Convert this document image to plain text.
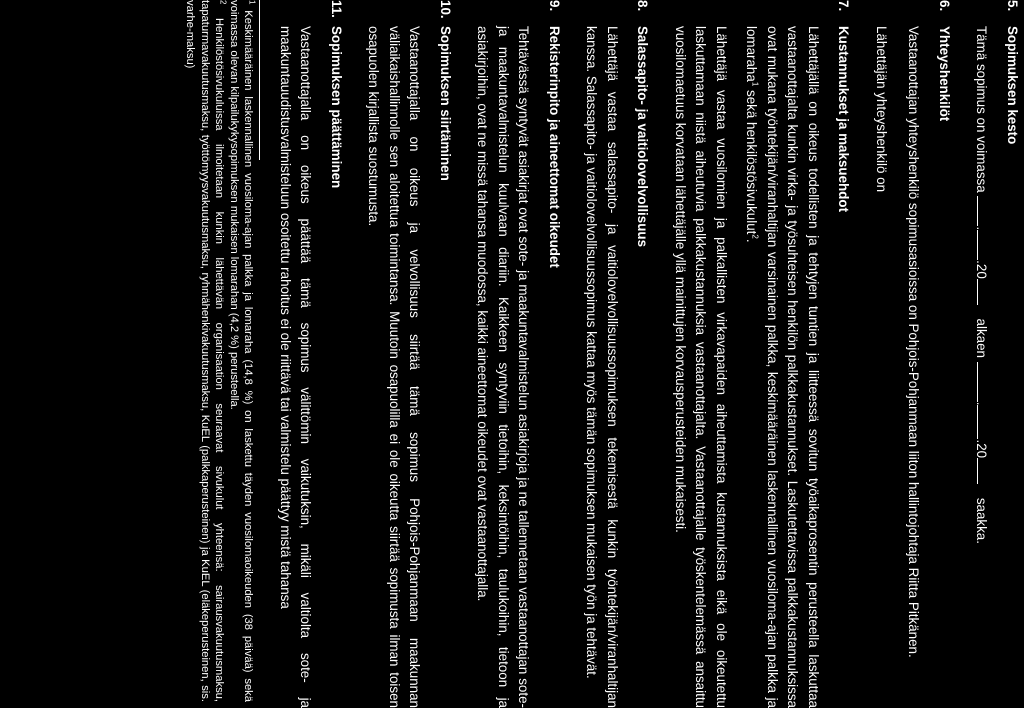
5.Sopimuksen kesto
Tämä sopimus on voimassa ..20 alkaen ..20 saakka.
6.Yhteyshenkilöt
Vastaanottajan yhteyshenkilö sopimusasioissa on Pohjois-Pohjanmaan liiton hallintojohtaja Riitta Pitkänen.
Lähettäjän yhteyshenkilö on
7.Kustannukset ja maksuehdot
Lähettäjällä on oikeus todellisten ja tehtyjen tuntien ja liitteessä sovitun työaikaprosentin perusteella laskuttaa vastaanottajalta kunkin virka- ja työsuhteisen henkilön palkkakustannukset. Laskutettavissa palkkakustannuksissa ovat mukana työntekijän/viranhaltijan varsinainen palkka, keskimääräinen laskennallinen vuosiloma-ajan palkka ja lomaraha$^1$ sekä henkilöstösivukulut$^2$.
Lähettäjä vastaa vuosilomien ja palkallisten virkavapaiden aiheuttamista kustannuksista eikä ole oikeutettu laskuttamaan niistä aiheutuvia palkkakustannuksia vastaanottajalta. Vastaanottajalle työskentelemässä ansaittu vuosilomaetuus korvataan lähettäjälle yllä mainittujen korvausperusteiden mukaisesti.
8.Salassapito- ja vaitiolovelvollisuus
Lähettäjä vastaa salassapito- ja vaitiolovelvollisuussopimuksen tekemisestä kunkin työntekijän/viranhaltijan kanssa. Salassapito- ja vaitiolovelvollisuussopimus kattaa myös tämän sopimuksen mukaisen työn ja tehtävät.
9.Rekisterinpito ja aineettomat oikeudet
Tehtävässä syntyvät asiakirjat ovat sote- ja maakuntavalmistelun asiakirjoja ja ne tallennetaan vastaanottajan sote- ja maakuntavalmistelun kuulvaan diariin. Kaikkeen syntyviin tietoihin, keksintöihin, taulukoihin, tietoon ja asiakirjoihin, ovat ne missä tahansa muodossa, kaikki aineettomat oikeudet ovat vastaanottajalla.
10.Sopimuksen siirtäminen
Vastaanottajalla on oikeus ja velvollisuus siirtää tämä sopimus Pohjois-Pohjanmaan maakunnan väliaikaishallinnolle sen aloitettua toimintansa. Muutoin osapuolilla ei ole oikeutta siirtää sopimusta ilman toisen osapuolen kirjallista suostumusta.
11.Sopimuksen päättäminen
Vastaanottajalla on oikeus päättää tämä sopimus välittömin vaikutuksin, mikäli valtiolta sote- ja maakuntauudistusvalmisteluun osoitettu rahoitus ei ole riittävä tai valmistelu päättyy mistä tahansa
$^1$ Keskimääräinen laskennallinen vuosiloma-ajan palkka ja lomaraha (14,8 %) on laskettu täyden vuosilomaoikeuden (38 päivää) sekä voimassa olevan kilpailukykysopimuksen mukaisen lomarahan (4,2 %) perusteella.
$^2$ Henkilöstösivukuluissa ilmoitetaan kunkin lähettävän organisaation seuraavat sivukulut yhteensä: sairausvakuutusmaksu, tapaturmavakuutusmaksu, työttömyysvakuutusmaksu, ryhmähenkivakuutusmaksu, KuEL (palkkaperusteinen) ja KuEL (eläkeperusteinen, sis. varhe-maksu)
